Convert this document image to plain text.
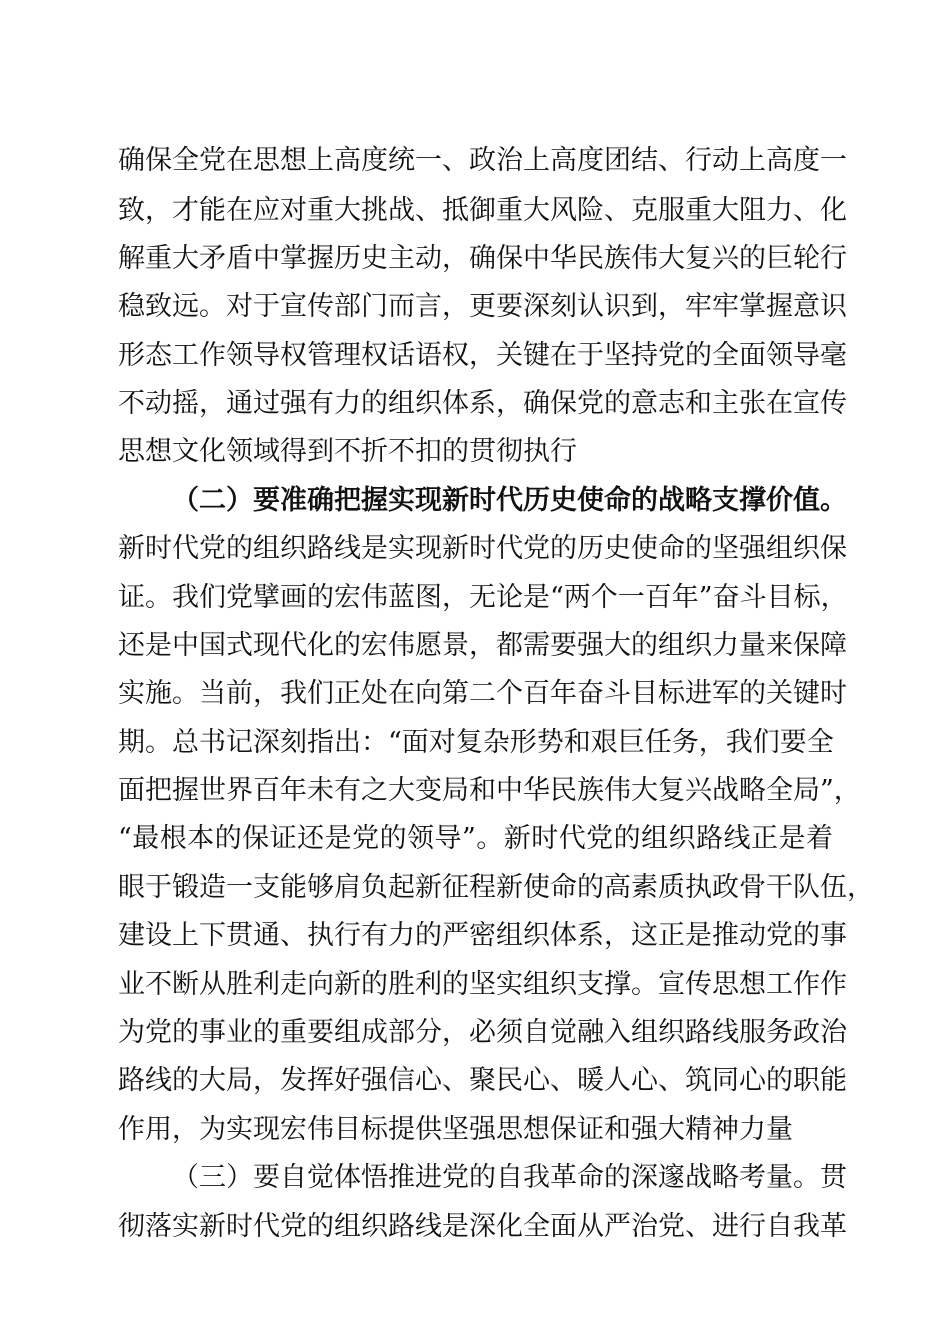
确保全党在思想上高度统一、政治上高度团结、行动上高度一
致，才能在应对重大挑战、抵御重大风险、克服重大阻力、化
解重大矛盾中掌握历史主动，确保中华民族伟大复兴的巨轮行
稳致远。对于宣传部门而言，更要深刻认识到，牢牢掌握意识
形态工作领导权管理权话语权，关键在于坚持党的全面领导毫
不动摇，通过强有力的组织体系，确保党的意志和主张在宣传
思想文化领域得到不折不扣的贯彻执行
（二）要准确把握实现新时代历史使命的战略支撑价值。
新时代党的组织路线是实现新时代党的历史使命的坚强组织保
证。我们党擘画的宏伟蓝图，无论是“两个一百年”奋斗目标，
还是中国式现代化的宏伟愿景，都需要强大的组织力量来保障
实施。当前，我们正处在向第二个百年奋斗目标进军的关键时
期。总书记深刻指出：“面对复杂形势和艰巨任务，我们要全
面把握世界百年未有之大变局和中华民族伟大复兴战略全局”，
“最根本的保证还是党的领导”。新时代党的组织路线正是着
眼于锻造一支能够肩负起新征程新使命的高素质执政骨干队伍，
建设上下贯通、执行有力的严密组织体系，这正是推动党的事
业不断从胜利走向新的胜利的坚实组织支撑。宣传思想工作作
为党的事业的重要组成部分，必须自觉融入组织路线服务政治
路线的大局，发挥好强信心、聚民心、暖人心、筑同心的职能
作用，为实现宏伟目标提供坚强思想保证和强大精神力量
（三）要自觉体悟推进党的自我革命的深邃战略考量。贯
彻落实新时代党的组织路线是深化全面从严治党、进行自我革
